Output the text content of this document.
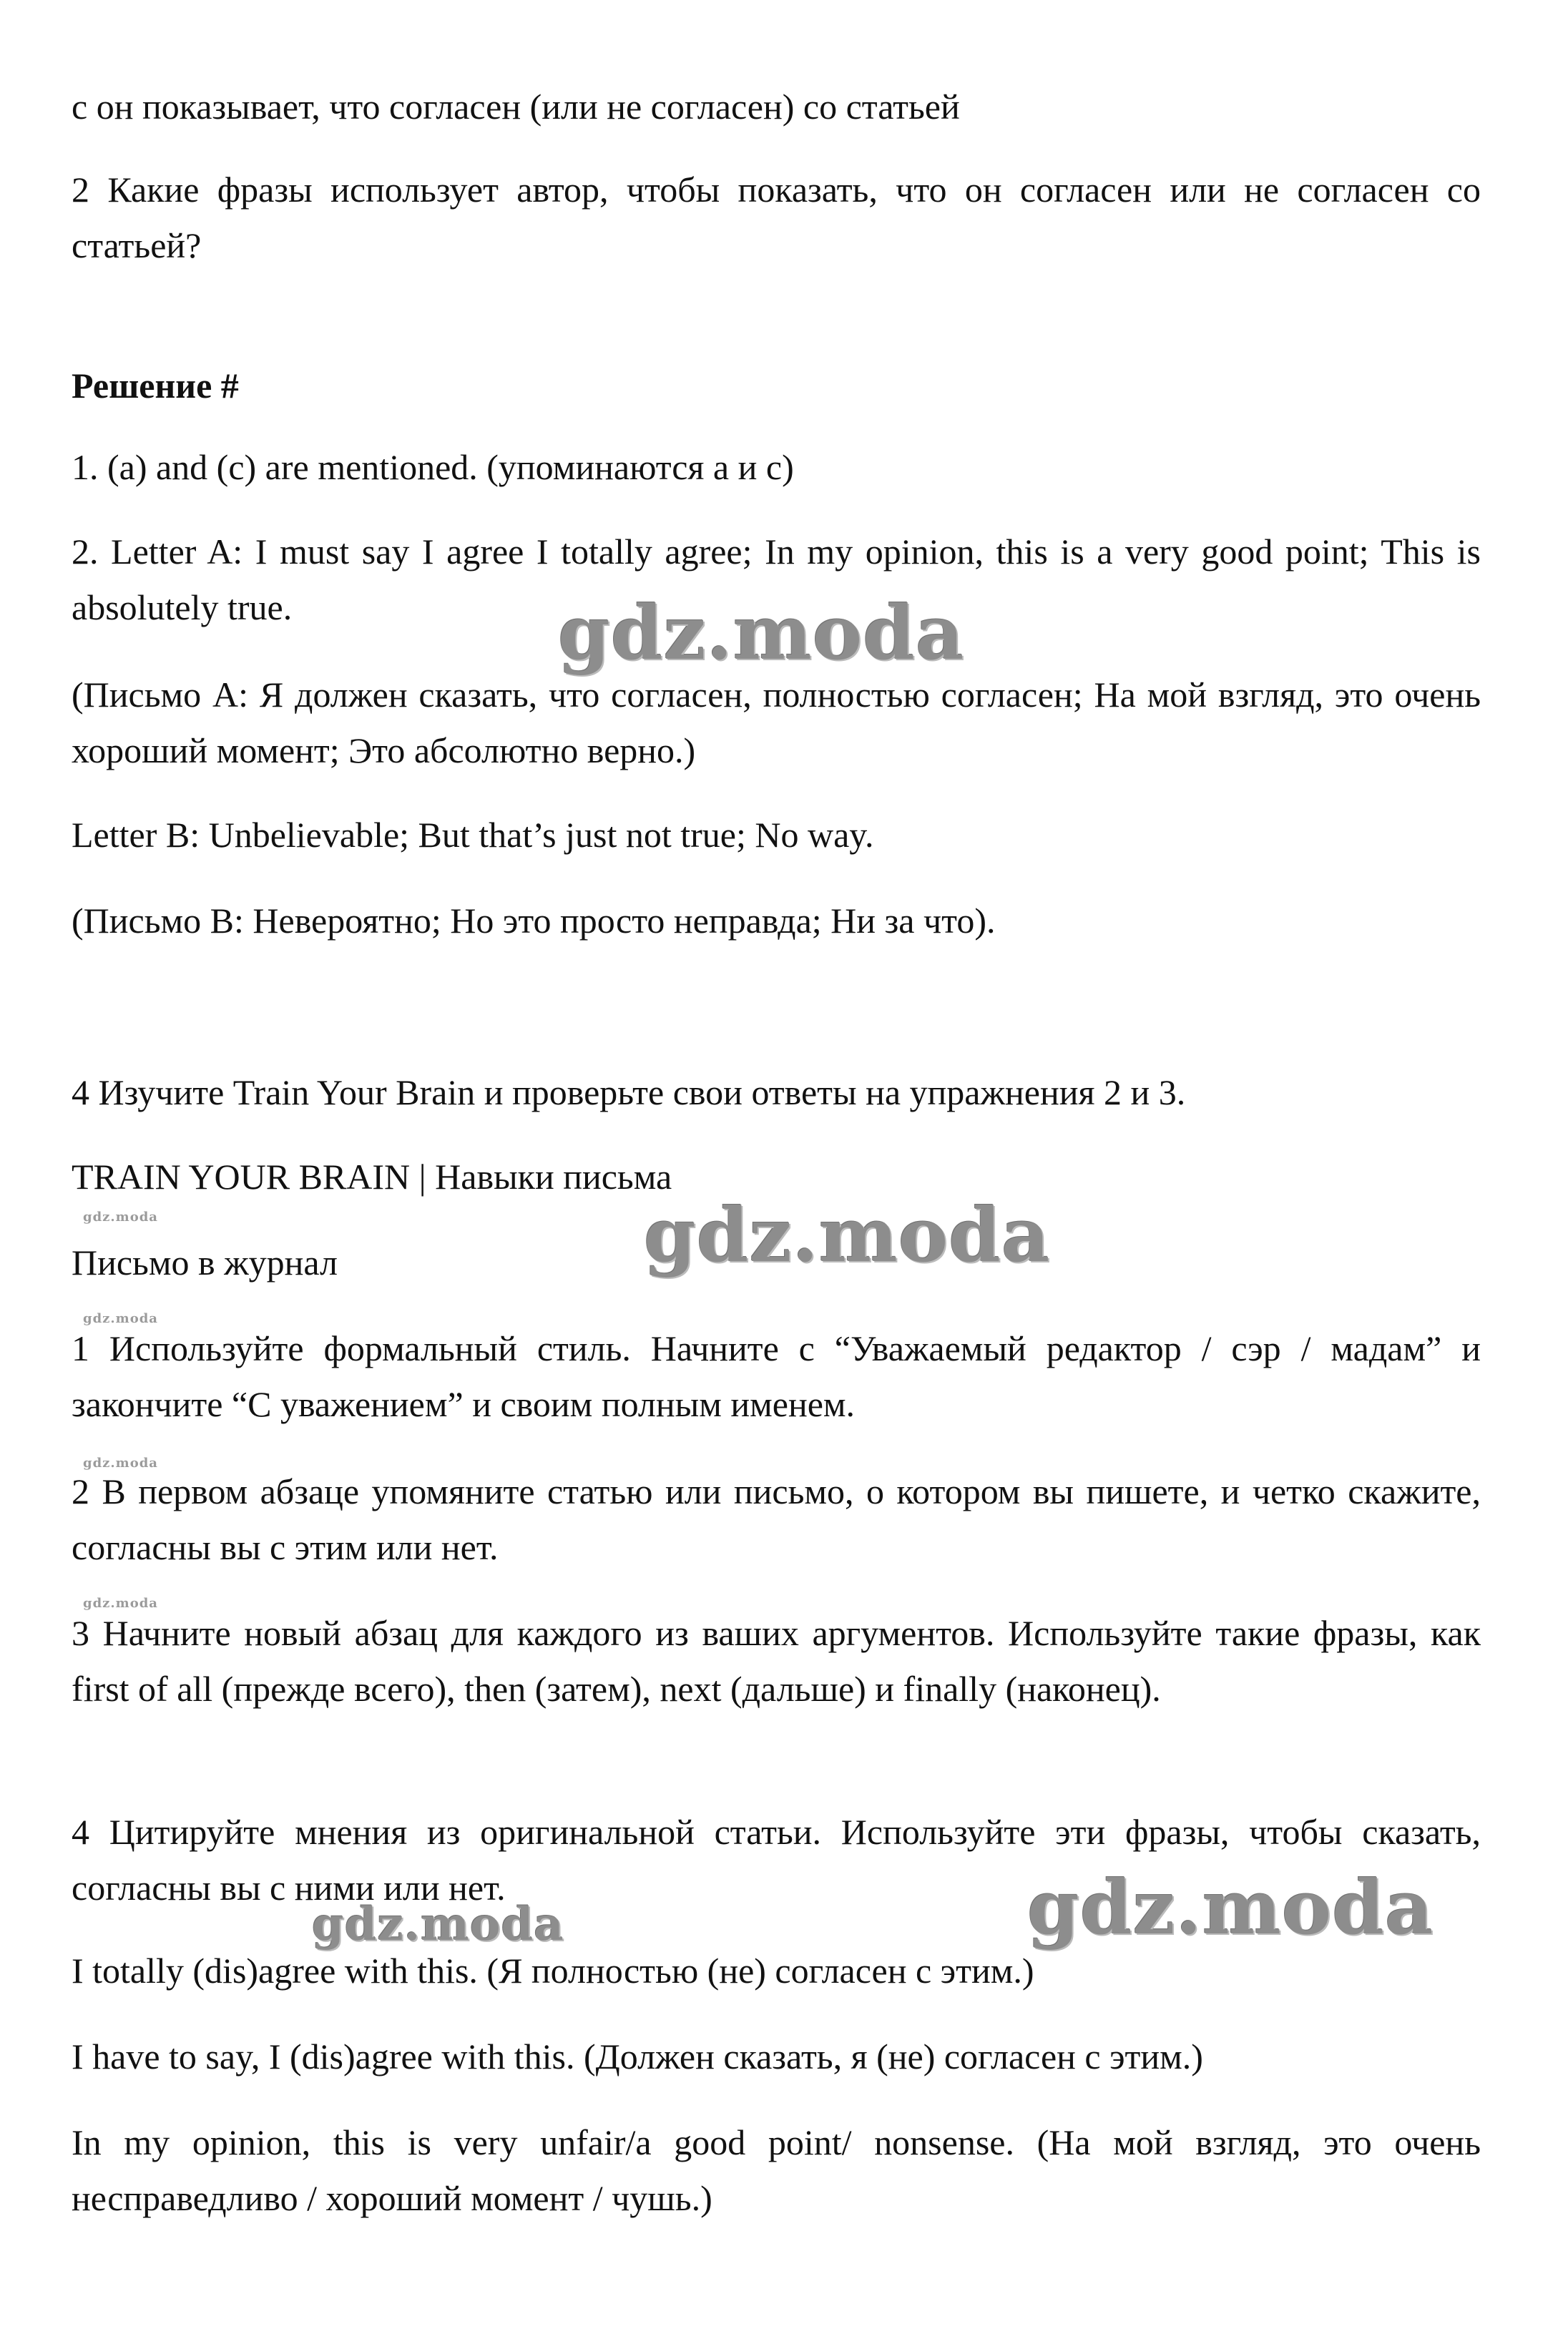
с он показывает, что согласен (или не согласен) со статьей

2 Какие фразы использует автор, чтобы показать, что он согласен или не согласен со статьей?

Решение #

1. (a) and (c) are mentioned. (упоминаются а и с)

2. Letter A: I must say I agree I totally agree; In my opinion, this is a very good point; This is absolutely true.

(Письмо A: Я должен сказать, что согласен, полностью согласен; На мой взгляд, это очень хороший момент; Это абсолютно верно.)

Letter B: Unbelievable; But that’s just not true; No way.

(Письмо B: Невероятно; Но это просто неправда; Ни за что).

4 Изучите Train Your Brain и проверьте свои ответы на упражнения 2 и 3.

TRAIN YOUR BRAIN | Навыки письма

Письмо в журнал

1 Используйте формальный стиль. Начните с “Уважаемый редактор / сэр / мадам” и закончите “С уважением” и своим полным именем.

2 В первом абзаце упомяните статью или письмо, о котором вы пишете, и четко скажите, согласны вы с этим или нет.

3 Начните новый абзац для каждого из ваших аргументов. Используйте такие фразы, как first of all (прежде всего), then (затем), next (дальше) и finally (наконец).

4 Цитируйте мнения из оригинальной статьи. Используйте эти фразы, чтобы сказать, согласны вы с ними или нет.

I totally (dis)agree with this. (Я полностью (не) согласен с этим.)

I have to say, I (dis)agree with this. (Должен сказать, я (не) согласен с этим.)

In my opinion, this is very unfair/a good point/ nonsense. (На мой взгляд, это очень несправедливо / хороший момент / чушь.)

gdz.moda
gdz.moda
gdz.moda
gdz.moda
gdz.moda
gdz.moda
gdz.moda
gdz.moda
